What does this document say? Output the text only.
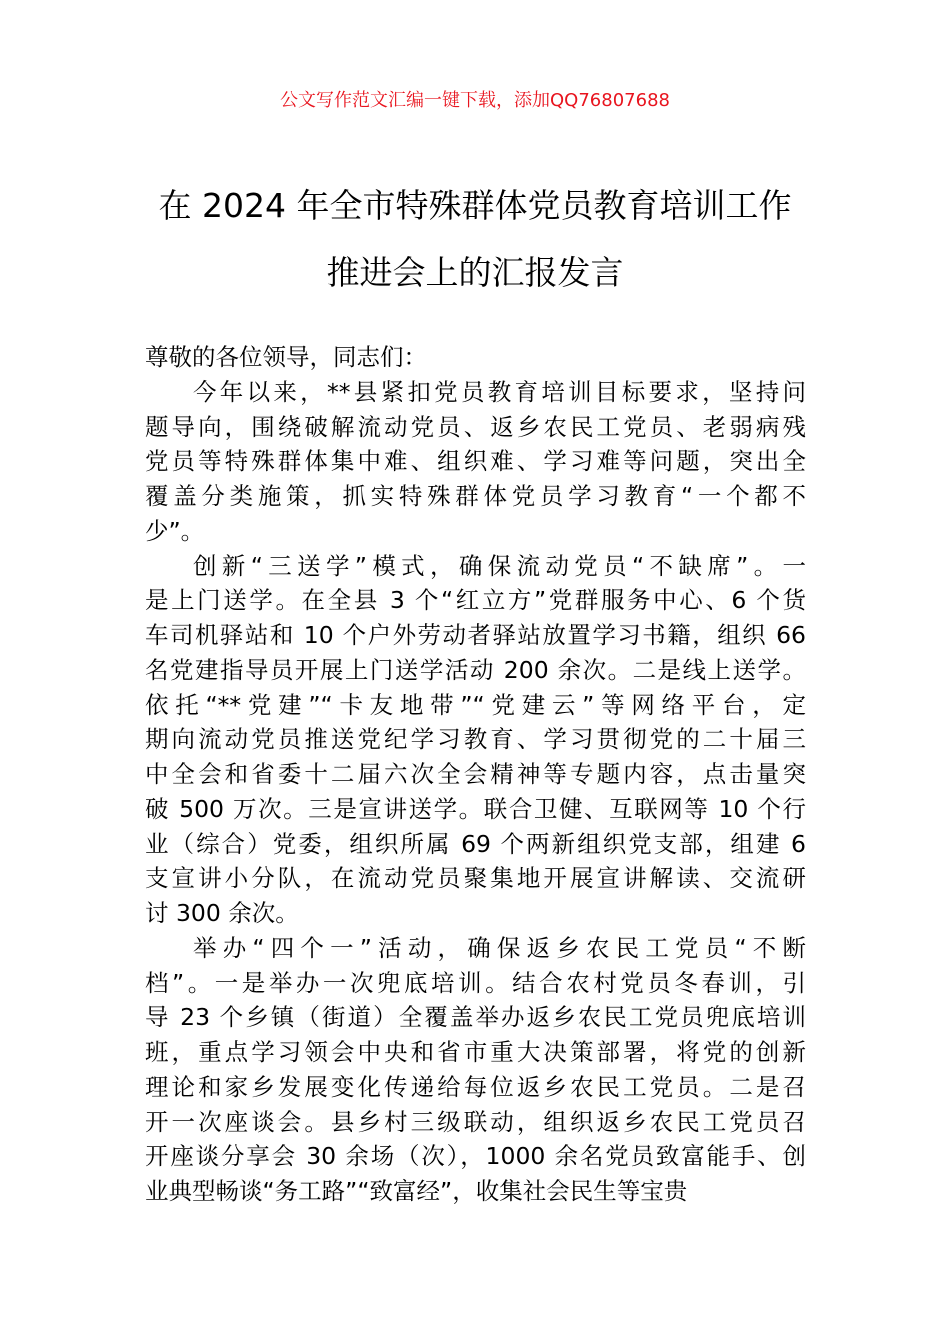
公文写作范文汇编一键下载，添加QQ76807688
在 2024 年全市特殊群体党员教育培训工作
推进会上的汇报发言
尊敬的各位领导，同志们：
今年以来，**县紧扣党员教育培训目标要求，坚持问
题导向，围绕破解流动党员、返乡农民工党员、老弱病残
党员等特殊群体集中难、组织难、学习难等问题，突出全
覆盖分类施策，抓实特殊群体党员学习教育“一个都不
少”。
创新“三送学”模式，确保流动党员“不缺席”。一
是上门送学。在全县 3 个“红立方”党群服务中心、6 个货
车司机驿站和 10 个户外劳动者驿站放置学习书籍，组织 66
名党建指导员开展上门送学活动 200 余次。二是线上送学。
依托“**党建”“卡友地带”“党建云”等网络平台，定
期向流动党员推送党纪学习教育、学习贯彻党的二十届三
中全会和省委十二届六次全会精神等专题内容，点击量突
破 500 万次。三是宣讲送学。联合卫健、互联网等 10 个行
业（综合）党委，组织所属 69 个两新组织党支部，组建 6
支宣讲小分队，在流动党员聚集地开展宣讲解读、交流研
讨 300 余次。
举办“四个一”活动，确保返乡农民工党员“不断
档”。一是举办一次兜底培训。结合农村党员冬春训，引
导 23 个乡镇（街道）全覆盖举办返乡农民工党员兜底培训
班，重点学习领会中央和省市重大决策部署，将党的创新
理论和家乡发展变化传递给每位返乡农民工党员。二是召
开一次座谈会。县乡村三级联动，组织返乡农民工党员召
开座谈分享会 30 余场（次），1000 余名党员致富能手、创
业典型畅谈“务工路”“致富经”，收集社会民生等宝贵
